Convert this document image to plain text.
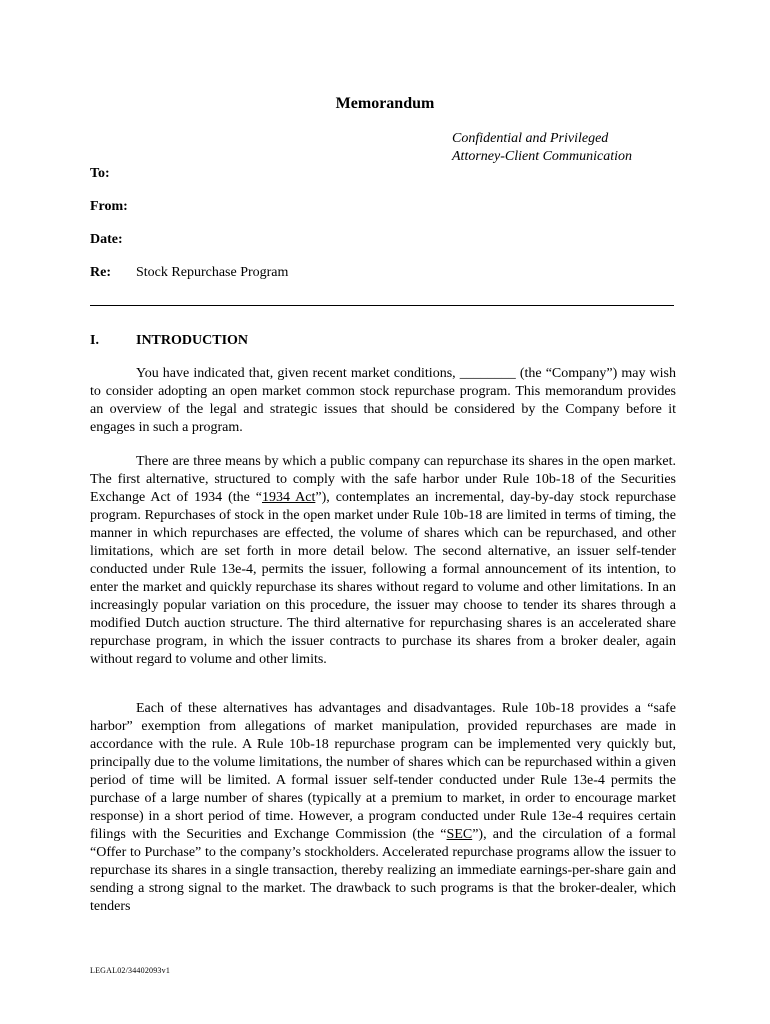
Memorandum
Confidential and Privileged
Attorney-Client Communication
To:
From:
Date:
Re: Stock Repurchase Program
I.	INTRODUCTION
You have indicated that, given recent market conditions, ________ (the “Company”) may wish to consider adopting an open market common stock repurchase program. This memorandum provides an overview of the legal and strategic issues that should be considered by the Company before it engages in such a program.
There are three means by which a public company can repurchase its shares in the open market. The first alternative, structured to comply with the safe harbor under Rule 10b-18 of the Securities Exchange Act of 1934 (the “1934 Act”), contemplates an incremental, day-by-day stock repurchase program. Repurchases of stock in the open market under Rule 10b-18 are limited in terms of timing, the manner in which repurchases are effected, the volume of shares which can be repurchased, and other limitations, which are set forth in more detail below. The second alternative, an issuer self-tender conducted under Rule 13e-4, permits the issuer, following a formal announcement of its intention, to enter the market and quickly repurchase its shares without regard to volume and other limitations. In an increasingly popular variation on this procedure, the issuer may choose to tender its shares through a modified Dutch auction structure. The third alternative for repurchasing shares is an accelerated share repurchase program, in which the issuer contracts to purchase its shares from a broker dealer, again without regard to volume and other limits.
Each of these alternatives has advantages and disadvantages. Rule 10b-18 provides a “safe harbor” exemption from allegations of market manipulation, provided repurchases are made in accordance with the rule. A Rule 10b-18 repurchase program can be implemented very quickly but, principally due to the volume limitations, the number of shares which can be repurchased within a given period of time will be limited. A formal issuer self-tender conducted under Rule 13e-4 permits the purchase of a large number of shares (typically at a premium to market, in order to encourage market response) in a short period of time. However, a program conducted under Rule 13e-4 requires certain filings with the Securities and Exchange Commission (the “SEC”), and the circulation of a formal “Offer to Purchase” to the company’s stockholders. Accelerated repurchase programs allow the issuer to repurchase its shares in a single transaction, thereby realizing an immediate earnings-per-share gain and sending a strong signal to the market. The drawback to such programs is that the broker-dealer, which tenders
LEGAL02/34402093v1
